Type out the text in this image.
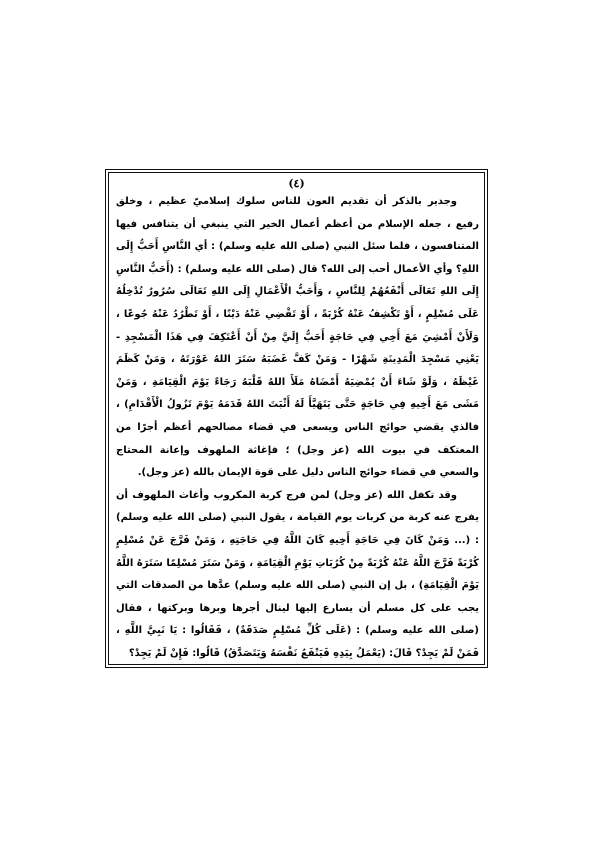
(٤)

وجدير بالذكر أن تقديم العون للناس سلوك إسلاميّ عظيم ، وخلق رفيع ، جعله الإسلام من أعظم أعمال الخير التي ينبغي أن يتنافس فيها المتنافسون ، فلما سئل النبي (صلى الله عليه وسلم) : أي النَّاسِ أَحَبُّ إِلَى اللهِ؟ وأي الأعمال أحب إلى الله؟ قال (صلى الله عليه وسلم) : (أَحَبُّ النَّاسِ إِلَى اللهِ تَعَالَى أَنْفَعُهُمْ لِلنَّاسِ ، وَأَحَبُّ الْأَعْمَالِ إِلَى اللهِ تَعَالَى سُرُورٌ تُدْخِلُهُ عَلَى مُسْلِمٍ ، أَوْ تَكْشِفُ عَنْهُ كُرْبَةً ، أَوْ تَقْضِي عَنْهُ دَيْنًا ، أَوْ تَطْرُدُ عَنْهُ جُوعًا ، وَلَأَنْ أَمْشِيَ مَعَ أَخِي فِي حَاجَةٍ أَحَبُّ إِلَيَّ مِنْ أَنْ أَعْتَكِفَ فِي هَذَا الْمَسْجِدِ - يَعْنِي مَسْجِدَ الْمَدِينَةِ شَهْرًا - وَمَنْ كَفَّ غَضَبَهُ سَتَرَ اللهُ عَوْرَتَهُ ، وَمَنْ كَظَمَ غَيْظَهُ ، وَلَوْ شَاءَ أَنْ يُمْضِيَهُ أَمْضَاهُ مَلَأَ اللهُ قَلْبَهُ رَجَاءً يَوْمَ الْقِيَامَةِ ، وَمَنْ مَشَى مَعَ أَخِيهِ فِي حَاجَةٍ حَتَّى يَتَهَيَّأَ لَهُ أَثْبَتَ اللهُ قَدَمَهُ يَوْمَ تَزُولُ الْأَقْدَامِ) ، فالذي يقضي حوائج الناس ويسعى في قضاء مصالحهم أعظم أجرًا من المعتكف في بيوت الله (عز وجل) ؛ فإغاثة الملهوف وإعانة المحتاج والسعي في قضاء حوائج الناس دليل على قوة الإيمان بالله (عز وجل).

وقد تكفل الله (عز وجل) لمن فرج كربة المكروب وأغاث الملهوف أن يفرج عنه كربة من كربات يوم القيامة ، يقول النبي (صلى الله عليه وسلم) : (... وَمَنْ كَانَ فِي حَاجَةِ أَخِيهِ كَانَ اللَّهُ فِي حَاجَتِهِ ، وَمَنْ فَرَّجَ عَنْ مُسْلِمٍ كُرْبَةً فَرَّجَ اللَّهُ عَنْهُ كُرْبَةً مِنْ كُرُبَاتِ يَوْمِ الْقِيَامَةِ ، وَمَنْ سَتَرَ مُسْلِمًا سَتَرَهُ اللَّهُ يَوْمَ الْقِيَامَةِ) ، بل إن النبي (صلى الله عليه وسلم) عدَّها من الصدقات التي يجب على كل مسلم أن يسارع إليها لينال أجرها وبرها وبركتها ، فقال (صلى الله عليه وسلم) : (عَلَى كُلِّ مُسْلِمٍ صَدَقَةٌ) ، فَقَالُوا : يَا نَبِيَّ اللَّهِ ، فَمَنْ لَمْ يَجِدْ؟ قَالَ: (يَعْمَلُ بِيَدِهِ فَيَنْفَعُ نَفْسَهُ وَيَتَصَدَّقُ) قَالُوا: فَإِنْ لَمْ يَجِدْ؟
